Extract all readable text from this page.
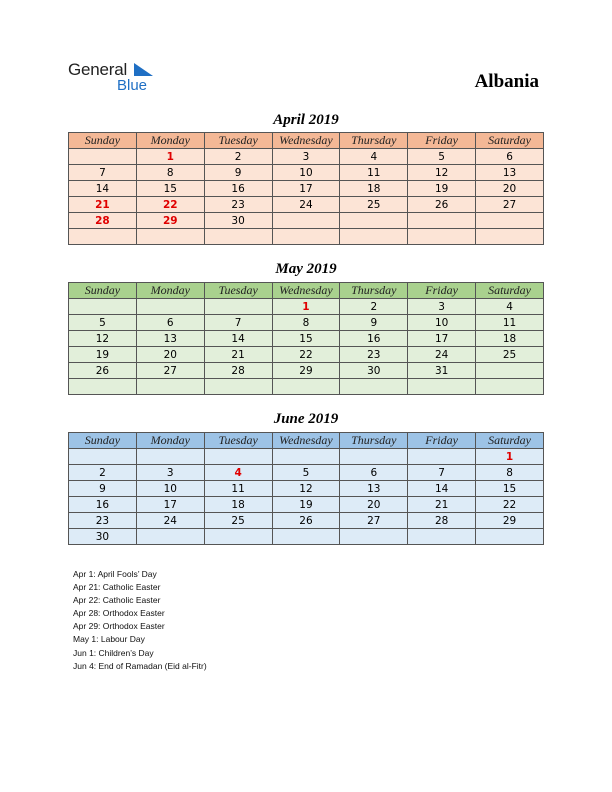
General
Blue	Albania
April 2019
Sunday	Monday	Tuesday	Wednesday	Thursday	Friday	Saturday
	1	2	3	4	5	6
7	8	9	10	11	12	13
14	15	16	17	18	19	20
21	22	23	24	25	26	27
28	29	30				

May 2019
Sunday	Monday	Tuesday	Wednesday	Thursday	Friday	Saturday
			1	2	3	4
5	6	7	8	9	10	11
12	13	14	15	16	17	18
19	20	21	22	23	24	25
26	27	28	29	30	31	

June 2019
Sunday	Monday	Tuesday	Wednesday	Thursday	Friday	Saturday
						1
2	3	4	5	6	7	8
9	10	11	12	13	14	15
16	17	18	19	20	21	22
23	24	25	26	27	28	29
30						
Apr 1: April Fools’ Day
Apr 21: Catholic Easter
Apr 22: Catholic Easter
Apr 28: Orthodox Easter
Apr 29: Orthodox Easter
May 1: Labour Day
Jun 1: Children’s Day
Jun 4: End of Ramadan (Eid al-Fitr)
